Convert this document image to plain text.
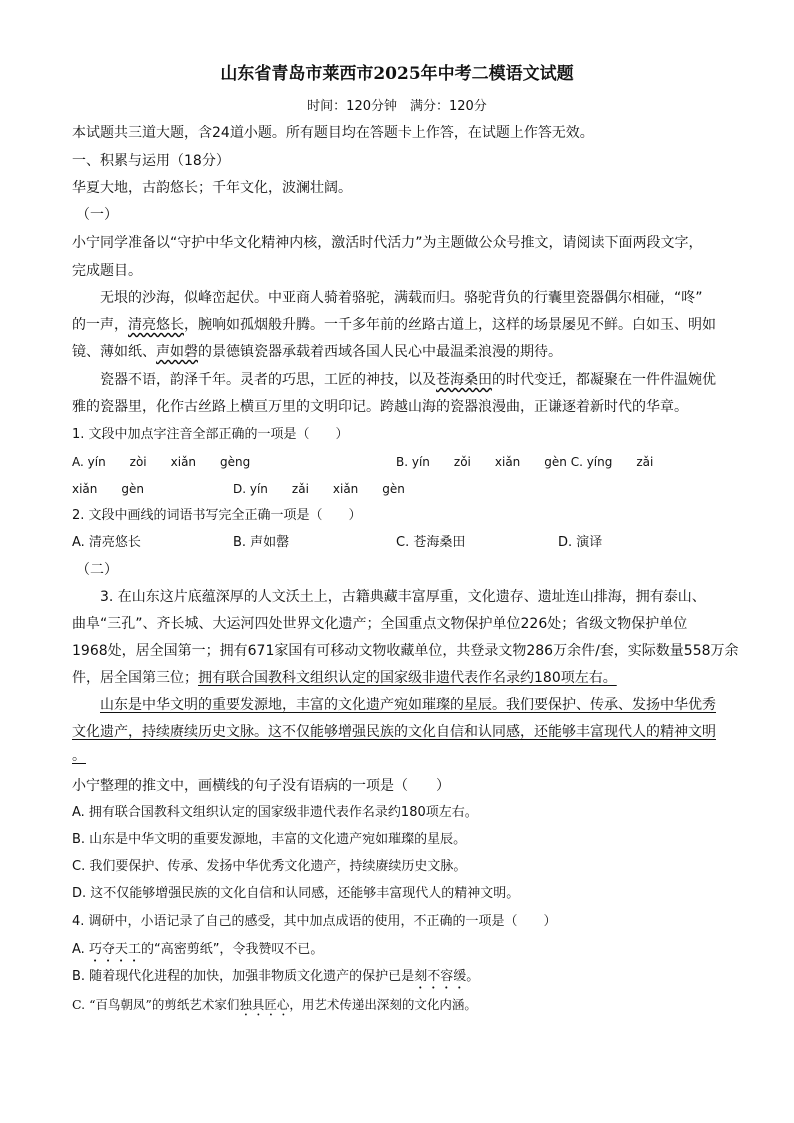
山东省青岛市莱西市2025年中考二模语文试题
时间：120分钟　满分：120分
本试题共三道大题，含24道小题。所有题目均在答题卡上作答，在试题上作答无效。
一、积累与运用（18分）
华夏大地，古韵悠长；千年文化，波澜壮阔。
（一）
小宁同学准备以“守护中华文化精神内核，激活时代活力”为主题做公众号推文，请阅读下面两段文字，
完成题目。
无垠的沙海，似峰峦起伏。中亚商人骑着骆驼，满载而归。骆驼背负的行囊里瓷器偶尔相碰，“咚”
的一声，清亮悠长，腕响如孤烟般升腾。一千多年前的丝路古道上，这样的场景屡见不鲜。白如玉、明如
镜、薄如纸、声如磬的景德镇瓷器承载着西域各国人民心中最温柔浪漫的期待。
瓷器不语，韵泽千年。灵者的巧思，工匠的神技，以及苍海桑田的时代变迁，都凝聚在一件件温婉优
雅的瓷器里，化作古丝路上横亘万里的文明印记。跨越山海的瓷器浪漫曲，正谦逐着新时代的华章。
1. 文段中加点字注音全部正确的一项是（　　）
A. yín　　zòi　　xiǎn　　gèng	B. yín　　zǒi　　xiǎn　　gèn C. yíng　　zǎi
xiǎn　　gèn	D. yín　　zǎi　　xiǎn　　gèn
2. 文段中画线的词语书写完全正确一项是（　　）
A. 清亮悠长	B. 声如罄	C. 苍海桑田	D. 演译
（二）
3. 在山东这片底蕴深厚的人文沃土上，古籍典藏丰富厚重，文化遗存、遗址连山排海，拥有泰山、
曲阜“三孔”、齐长城、大运河四处世界文化遗产；全国重点文物保护单位226处；省级文物保护单位
1968处，居全国第一；拥有671家国有可移动文物收藏单位，共登录文物286万余件/套，实际数量558万余
件，居全国第三位；拥有联合国教科文组织认定的国家级非遗代表作名录约180项左右。
山东是中华文明的重要发源地，丰富的文化遗产宛如璀璨的星辰。我们要保护、传承、发扬中华优秀
文化遗产，持续赓续历史文脉。这不仅能够增强民族的文化自信和认同感，还能够丰富现代人的精神文明
。
小宁整理的推文中，画横线的句子没有语病的一项是（　　）
A. 拥有联合国教科文组织认定的国家级非遗代表作名录约180项左右。
B. 山东是中华文明的重要发源地，丰富的文化遗产宛如璀璨的星辰。
C. 我们要保护、传承、发扬中华优秀文化遗产，持续赓续历史文脉。
D. 这不仅能够增强民族的文化自信和认同感，还能够丰富现代人的精神文明。
4. 调研中，小语记录了自己的感受，其中加点成语的使用，不正确的一项是（　　）
A. 巧夺天工的“高密剪纸”，令我赞叹不已。
B. 随着现代化进程的加快，加强非物质文化遗产的保护已是刻不容缓。
C. “百鸟朝凤”的剪纸艺术家们独具匠心，用艺术传递出深刻的文化内涵。
